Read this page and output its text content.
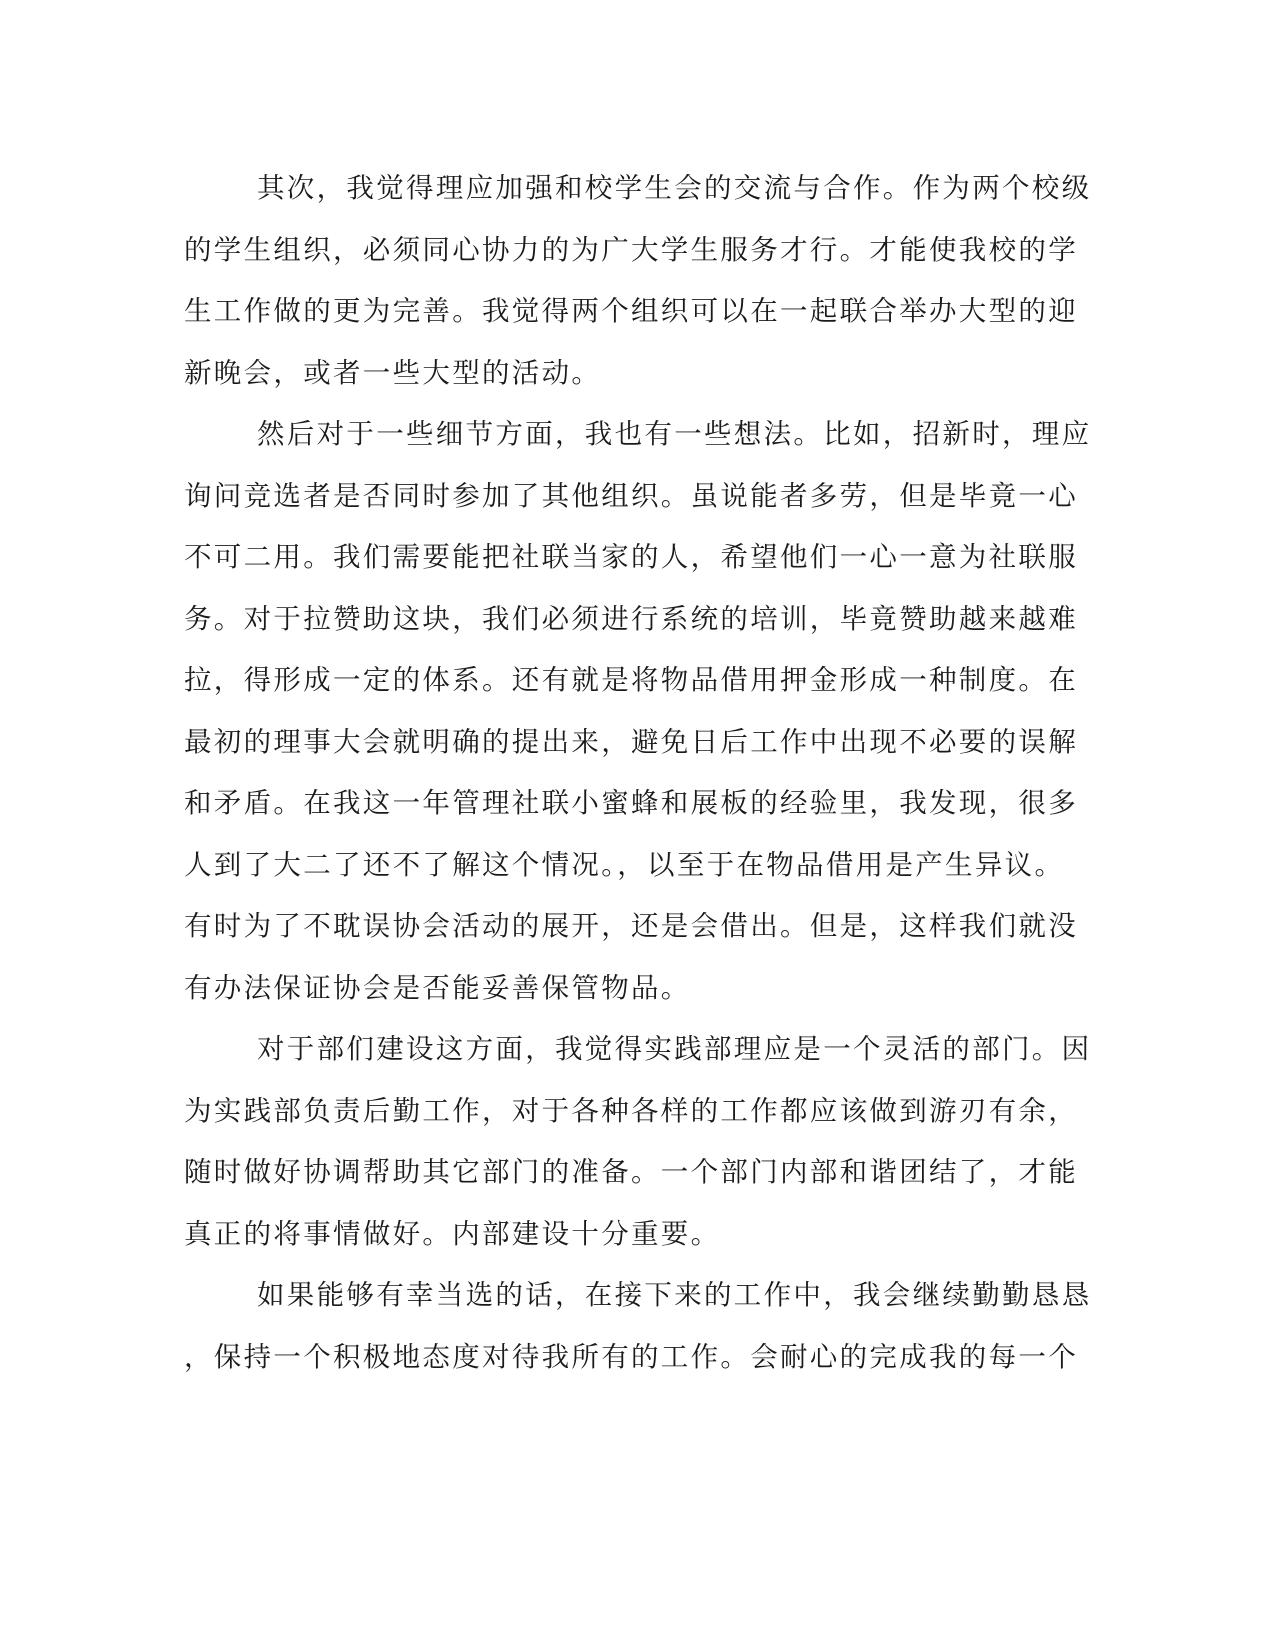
其次，我觉得理应加强和校学生会的交流与合作。作为两个校级
的学生组织，必须同心协力的为广大学生服务才行。才能使我校的学
生工作做的更为完善。我觉得两个组织可以在一起联合举办大型的迎
新晚会，或者一些大型的活动。
然后对于一些细节方面，我也有一些想法。比如，招新时，理应
询问竞选者是否同时参加了其他组织。虽说能者多劳，但是毕竟一心
不可二用。我们需要能把社联当家的人，希望他们一心一意为社联服
务。对于拉赞助这块，我们必须进行系统的培训，毕竟赞助越来越难
拉，得形成一定的体系。还有就是将物品借用押金形成一种制度。在
最初的理事大会就明确的提出来，避免日后工作中出现不必要的误解
和矛盾。在我这一年管理社联小蜜蜂和展板的经验里，我发现，很多
人到了大二了还不了解这个情况。，以至于在物品借用是产生异议。
有时为了不耽误协会活动的展开，还是会借出。但是，这样我们就没
有办法保证协会是否能妥善保管物品。
对于部们建设这方面，我觉得实践部理应是一个灵活的部门。因
为实践部负责后勤工作，对于各种各样的工作都应该做到游刃有余，
随时做好协调帮助其它部门的准备。一个部门内部和谐团结了，才能
真正的将事情做好。内部建设十分重要。
如果能够有幸当选的话，在接下来的工作中，我会继续勤勤恳恳
，保持一个积极地态度对待我所有的工作。会耐心的完成我的每一个
